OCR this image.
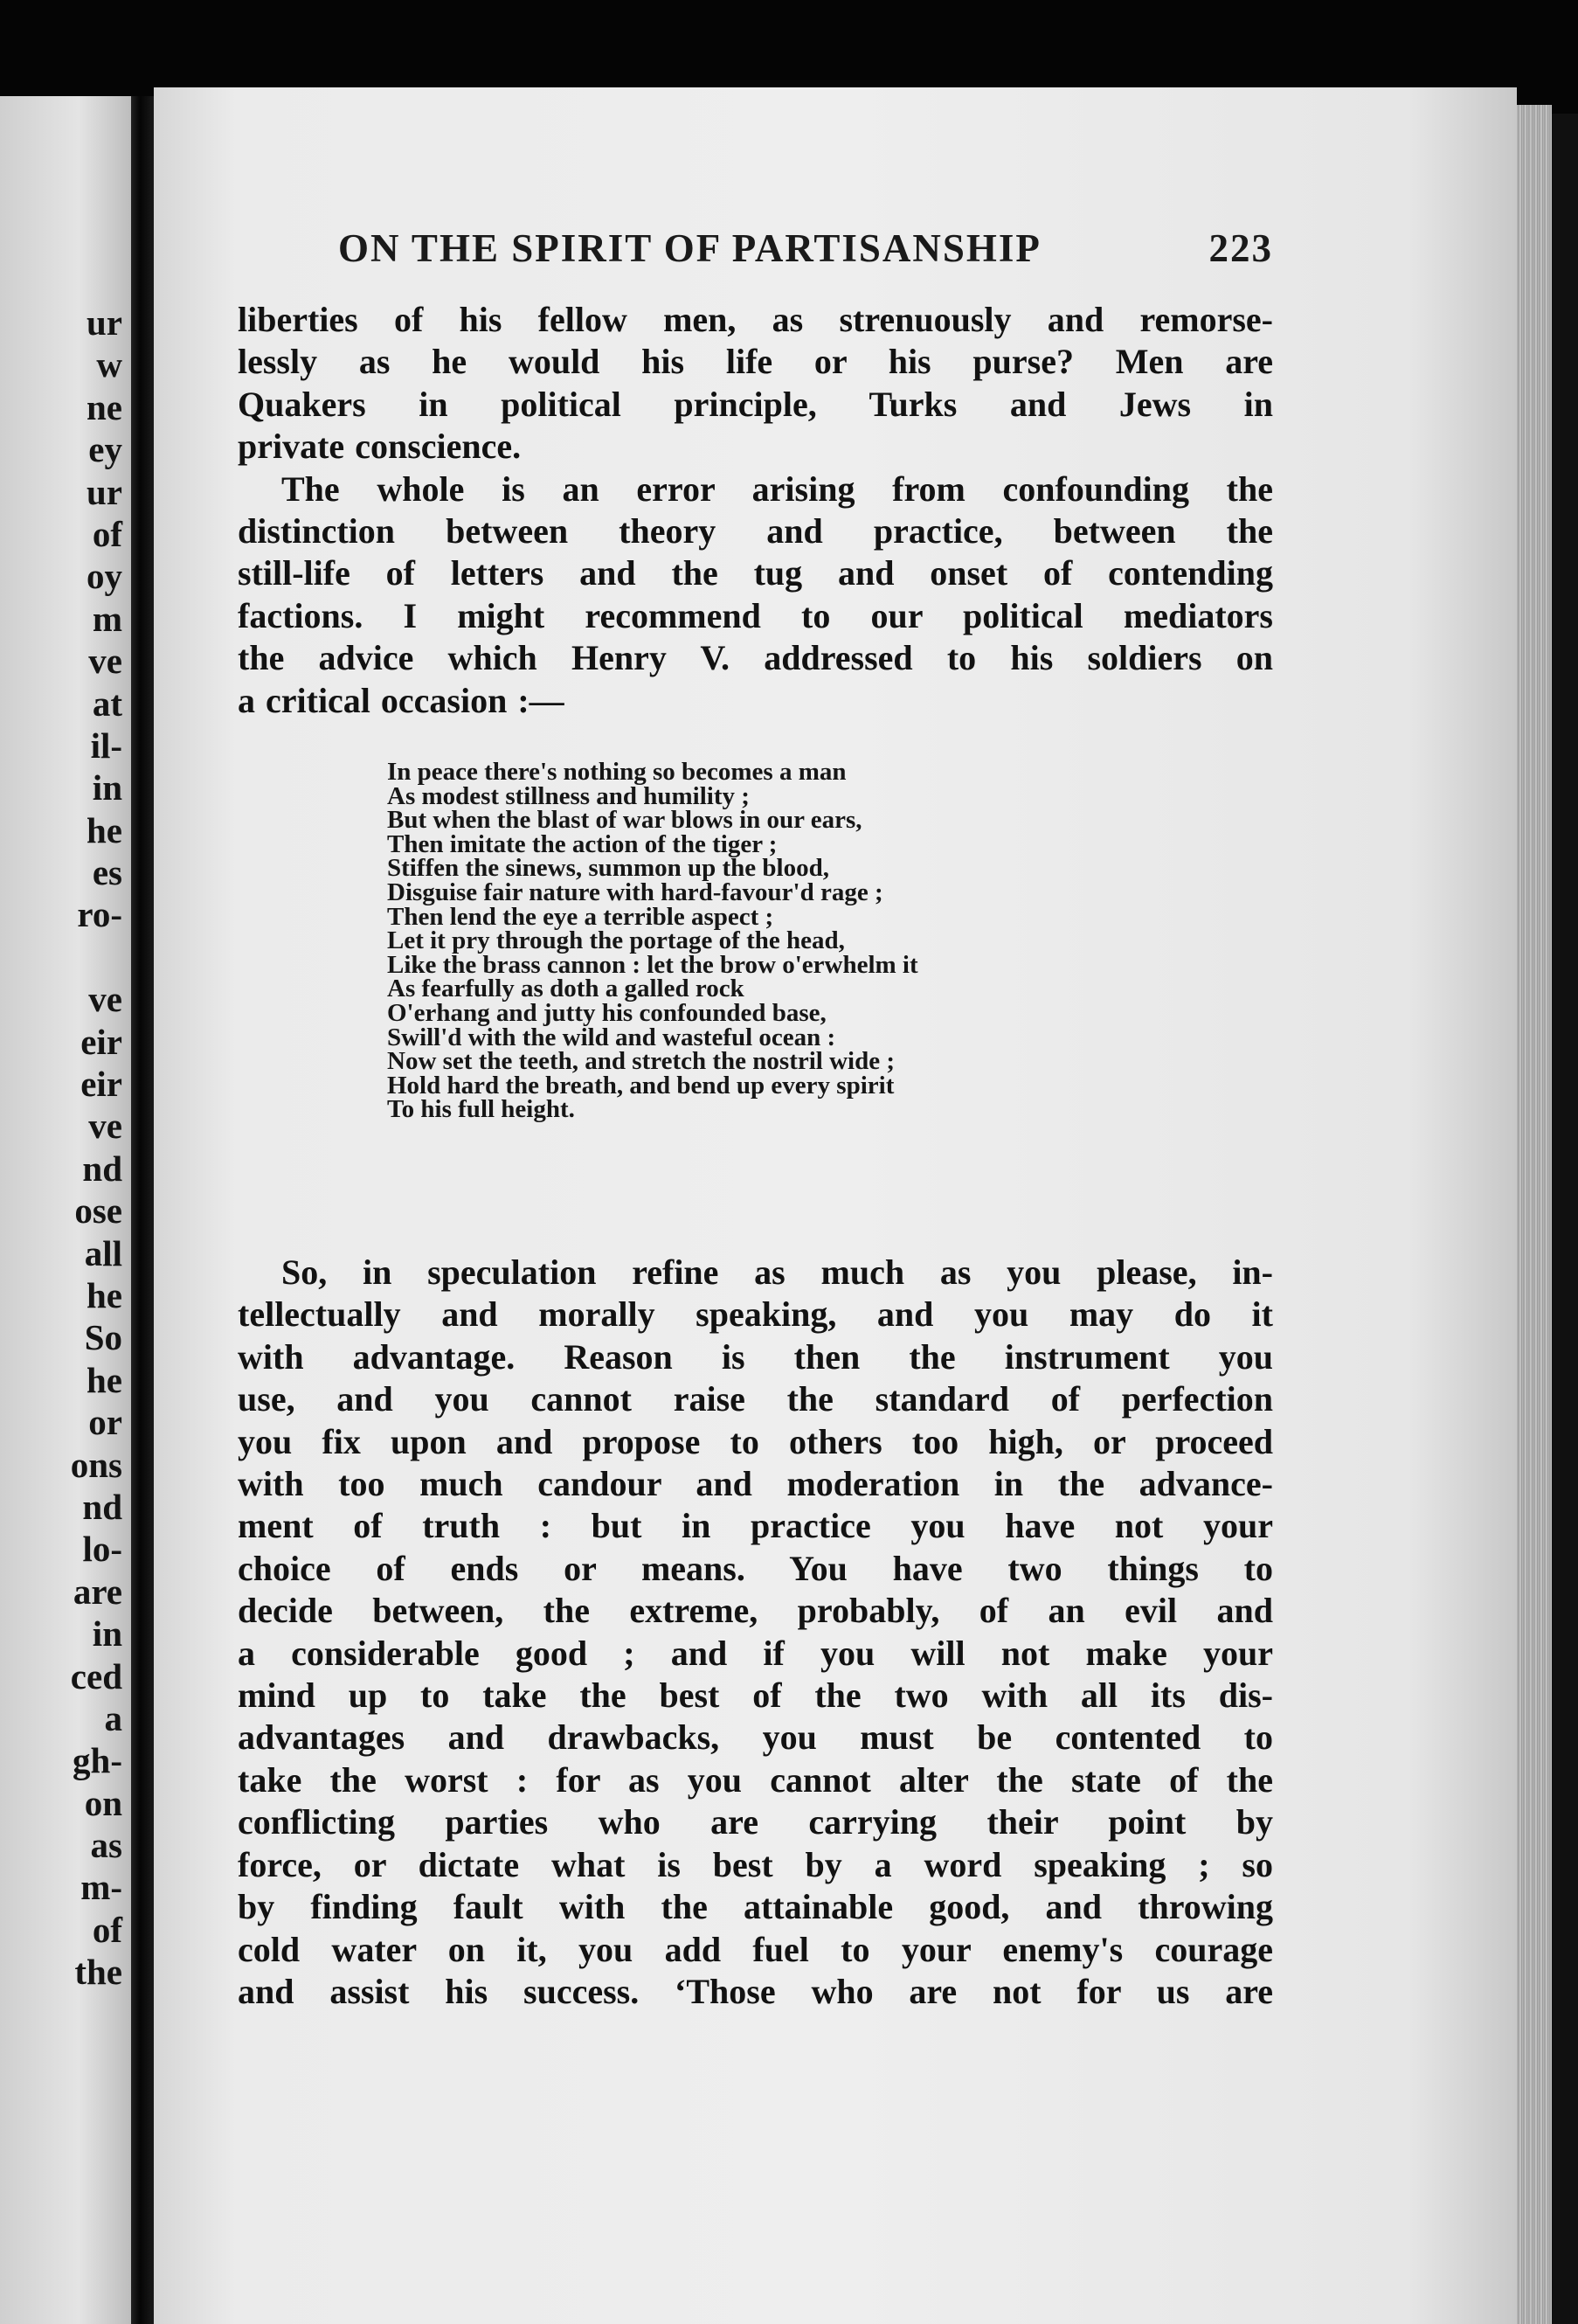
ur
w
ne
ey
ur
of
oy
m
ve
at
il-
in
he
es
ro-
ve
eir
eir
ve
nd
ose
all
he
So
he
or
ons
nd
lo-
are
in
ced
a
gh-
on
as
m-
of
the
ON THE SPIRIT OF PARTISANSHIP	223

liberties of his fellow men, as strenuously and remorse-
lessly as he would his life or his purse? Men are
Quakers in political principle, Turks and Jews in
private conscience.

The whole is an error arising from confounding the
distinction between theory and practice, between the
still-life of letters and the tug and onset of contending
factions. I might recommend to our political mediators
the advice which Henry V. addressed to his soldiers on
a critical occasion :—

In peace there's nothing so becomes a man
As modest stillness and humility ;
But when the blast of war blows in our ears,
Then imitate the action of the tiger ;
Stiffen the sinews, summon up the blood,
Disguise fair nature with hard-favour'd rage ;
Then lend the eye a terrible aspect ;
Let it pry through the portage of the head,
Like the brass cannon : let the brow o'erwhelm it
As fearfully as doth a galled rock
O'erhang and jutty his confounded base,
Swill'd with the wild and wasteful ocean :
Now set the teeth, and stretch the nostril wide ;
Hold hard the breath, and bend up every spirit
To his full height.

So, in speculation refine as much as you please, in-
tellectually and morally speaking, and you may do it
with advantage. Reason is then the instrument you
use, and you cannot raise the standard of perfection
you fix upon and propose to others too high, or proceed
with too much candour and moderation in the advance-
ment of truth : but in practice you have not your
choice of ends or means. You have two things to
decide between, the extreme, probably, of an evil and
a considerable good ; and if you will not make your
mind up to take the best of the two with all its dis-
advantages and drawbacks, you must be contented to
take the worst : for as you cannot alter the state of the
conflicting parties who are carrying their point by
force, or dictate what is best by a word speaking ; so
by finding fault with the attainable good, and throwing
cold water on it, you add fuel to your enemy's courage
and assist his success. ‘Those who are not for us are
